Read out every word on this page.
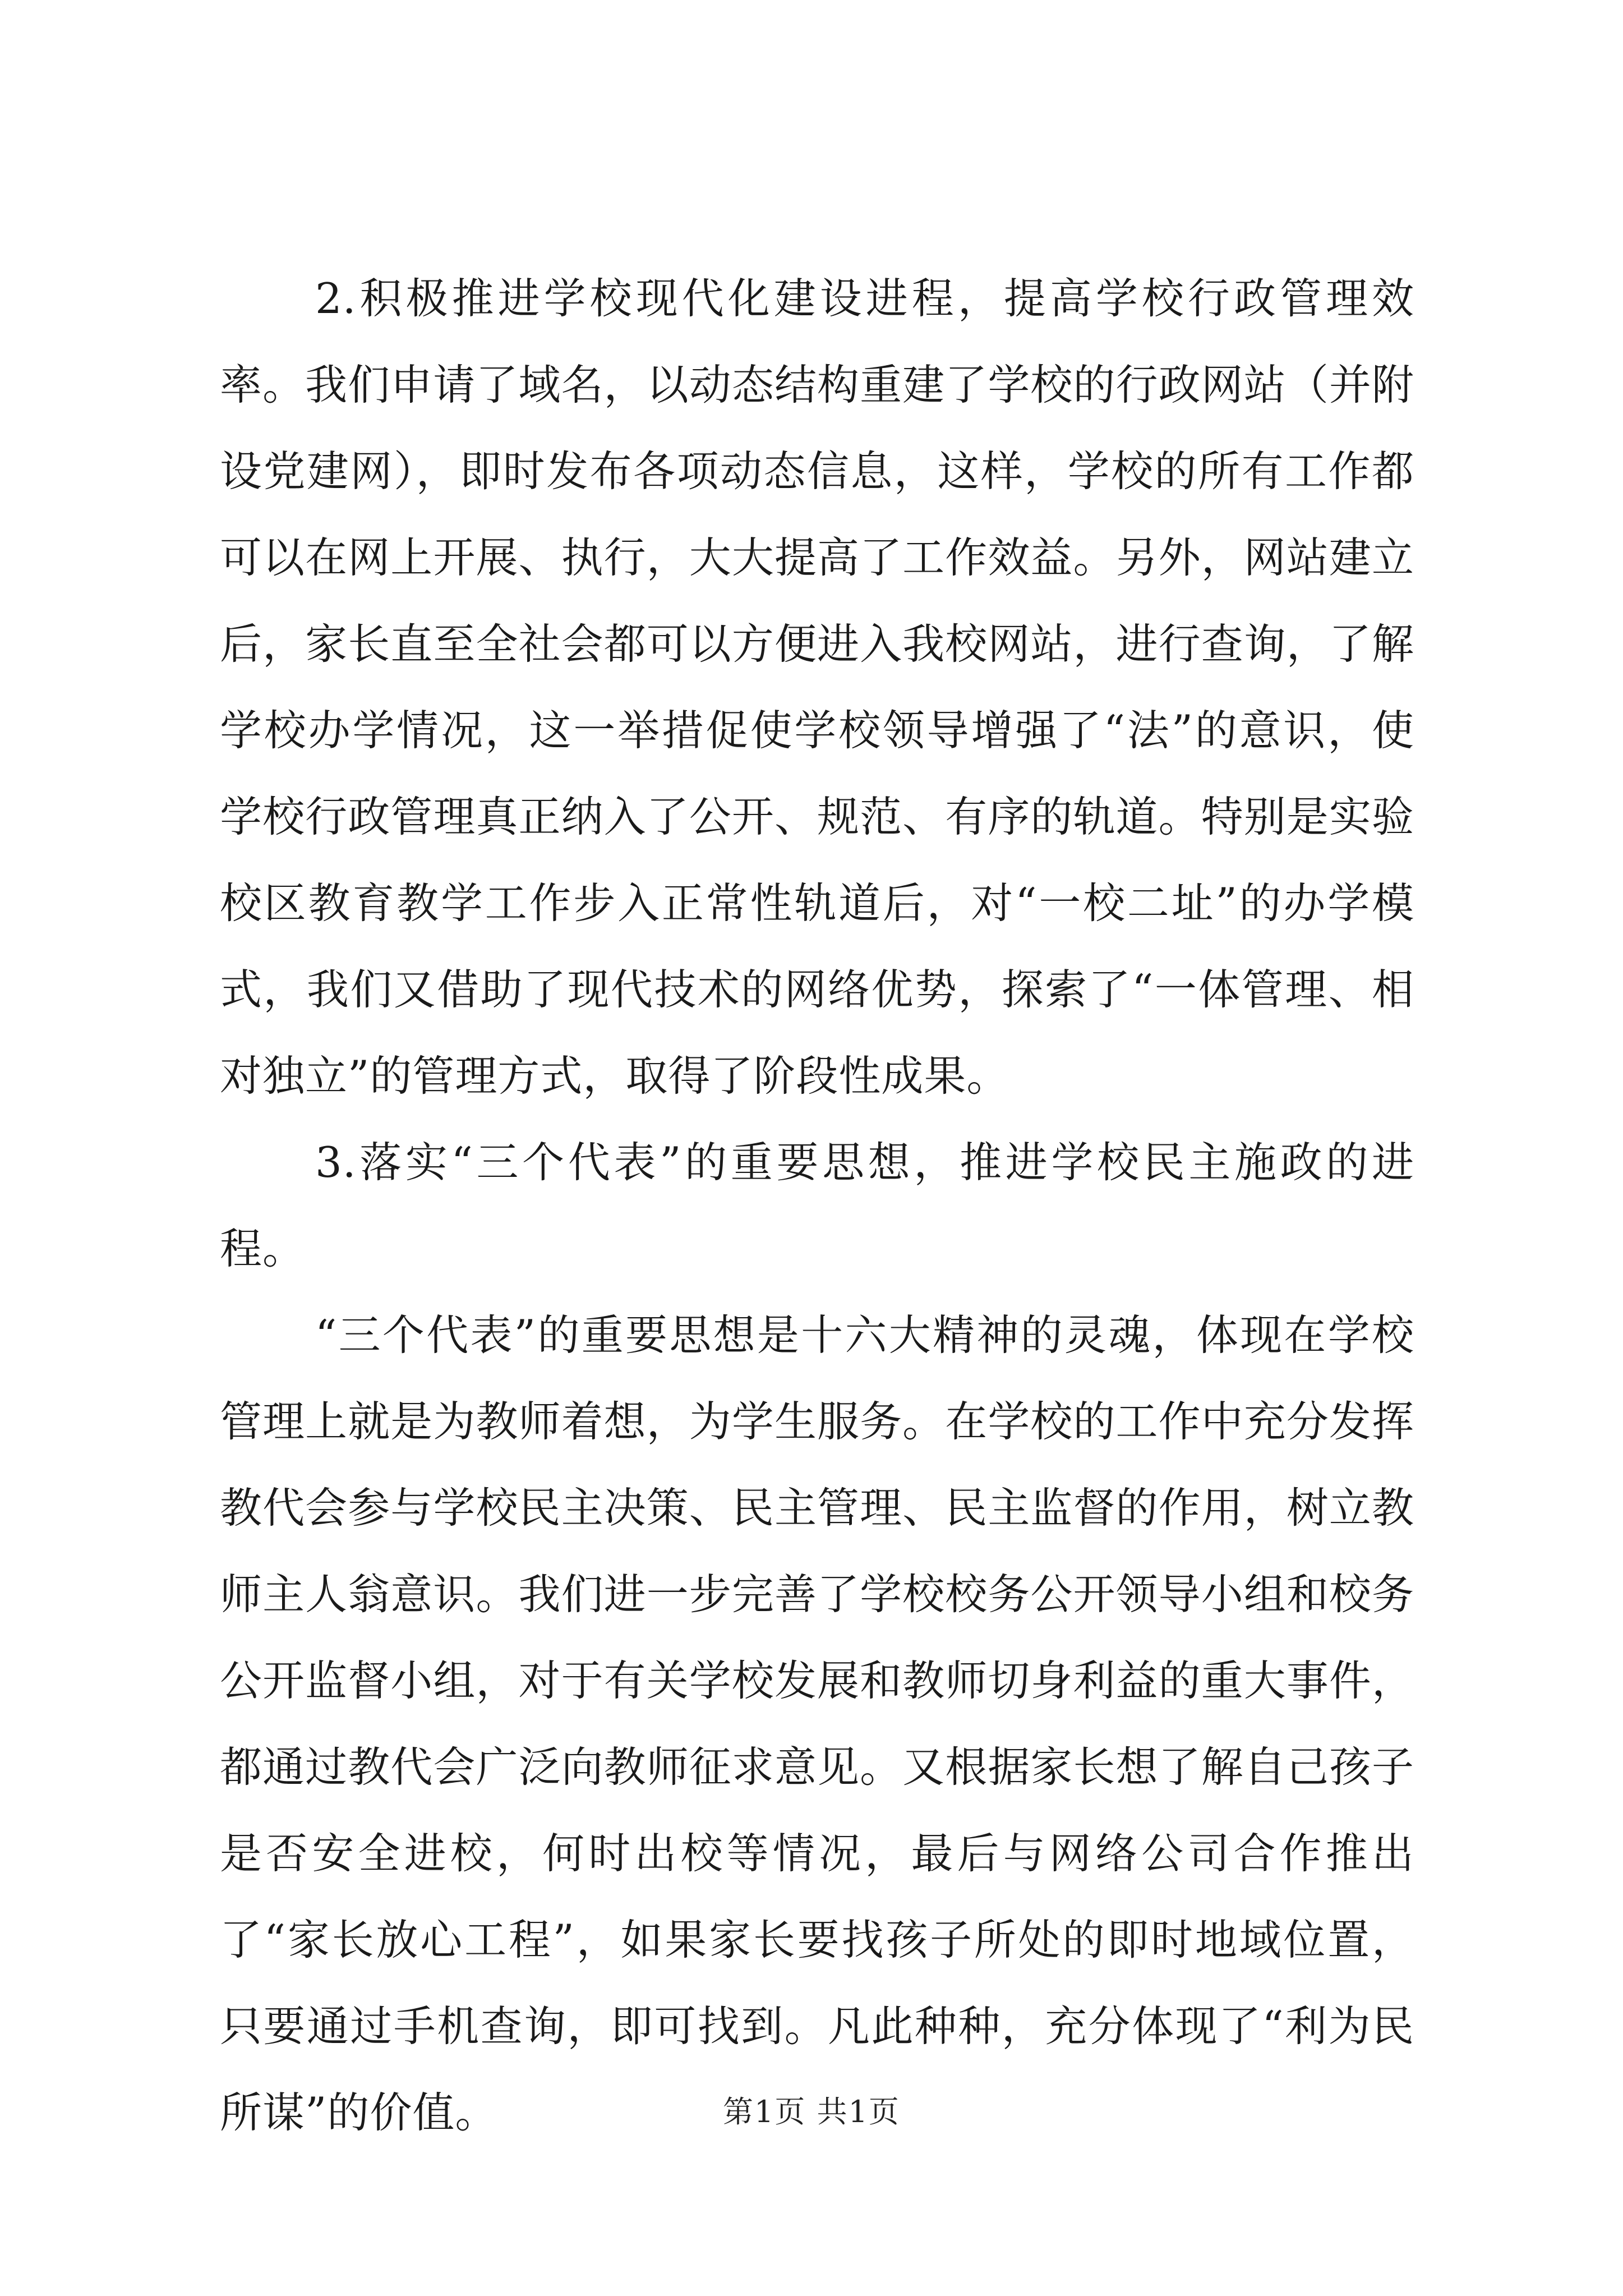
2.积极推进学校现代化建设进程，提高学校行政管理效率。我们申请了域名，以动态结构重建了学校的行政网站（并附设党建网），即时发布各项动态信息，这样，学校的所有工作都可以在网上开展、执行，大大提高了工作效益。另外，网站建立后，家长直至全社会都可以方便进入我校网站，进行查询，了解学校办学情况，这一举措促使学校领导增强了“法”的意识，使学校行政管理真正纳入了公开、规范、有序的轨道。特别是实验校区教育教学工作步入正常性轨道后，对“一校二址”的办学模式，我们又借助了现代技术的网络优势，探索了“一体管理、相对独立”的管理方式，取得了阶段性成果。

3.落实“三个代表”的重要思想，推进学校民主施政的进程。

“三个代表”的重要思想是十六大精神的灵魂，体现在学校管理上就是为教师着想，为学生服务。在学校的工作中充分发挥教代会参与学校民主决策、民主管理、民主监督的作用，树立教师主人翁意识。我们进一步完善了学校校务公开领导小组和校务公开监督小组，对于有关学校发展和教师切身利益的重大事件，都通过教代会广泛向教师征求意见。又根据家长想了解自己孩子是否安全进校，何时出校等情况，最后与网络公司合作推出了“家长放心工程”，如果家长要找孩子所处的即时地域位置，只要通过手机查询，即可找到。凡此种种，充分体现了“利为民所谋”的价值。	第1页 共1页
